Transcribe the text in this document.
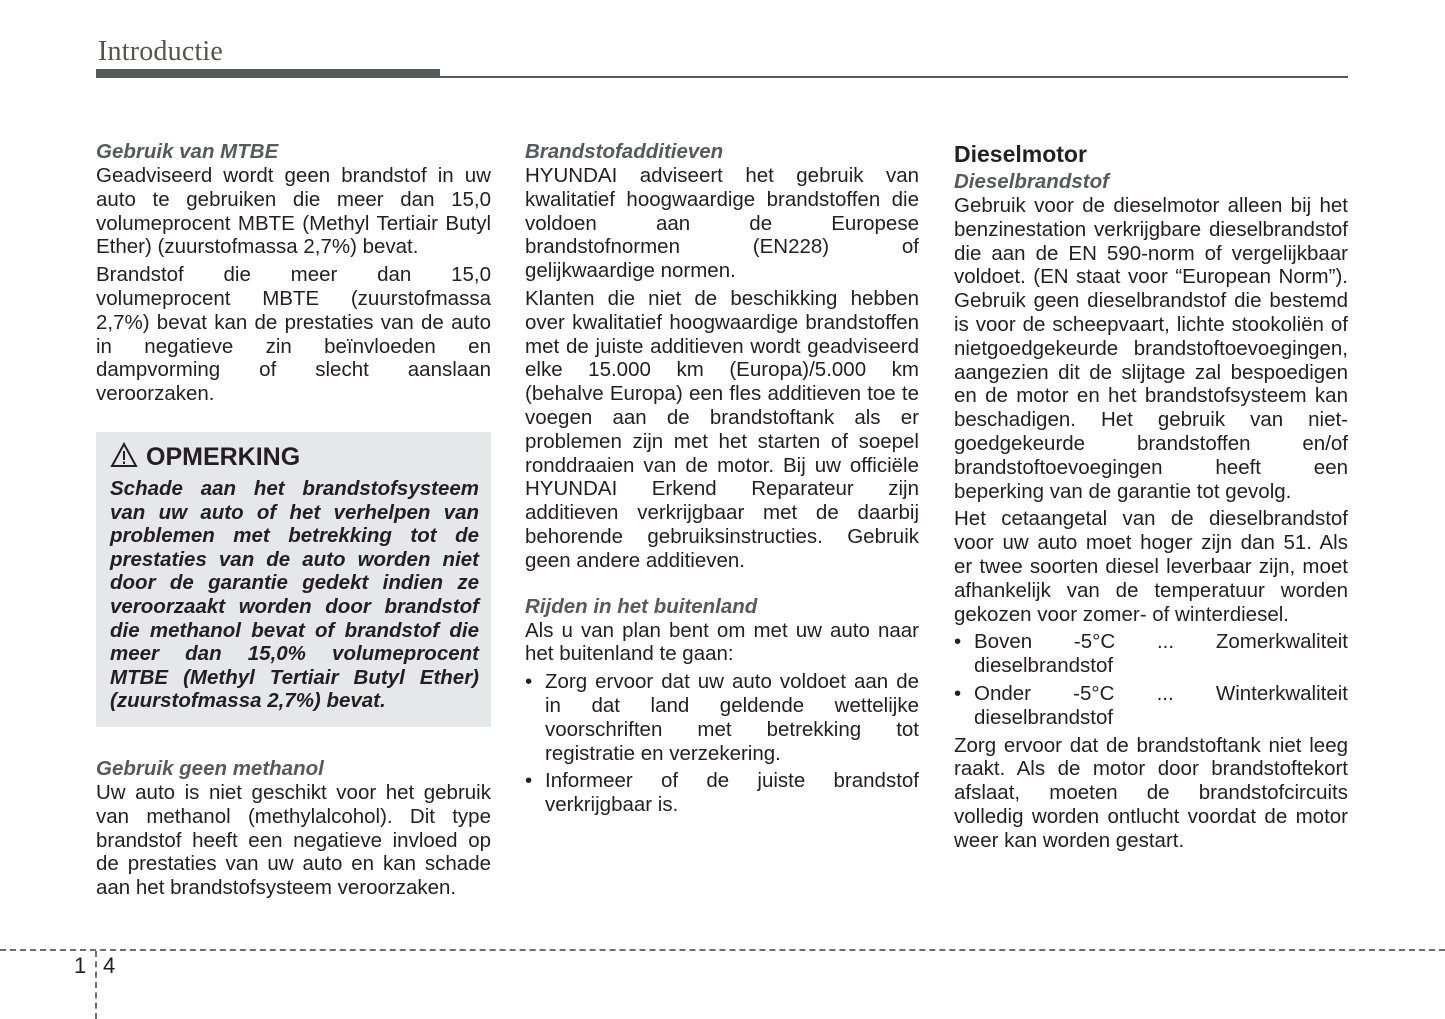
Introductie

Gebruik van MTBE

Geadviseerd wordt geen brandstof in uw auto te gebruiken die meer dan 15,0 volumeprocent MBTE (Methyl Tertiair Butyl Ether) (zuurstofmassa 2,7%) bevat.

Brandstof die meer dan 15,0 volumeprocent MBTE (zuurstofmassa 2,7%) bevat kan de prestaties van de auto in negatieve zin beïnvloeden en dampvorming of slecht aanslaan veroorzaken.

OPMERKING

Schade aan het brandstofsysteem van uw auto of het verhelpen van problemen met betrekking tot de prestaties van de auto worden niet door de garantie gedekt indien ze veroorzaakt worden door brandstof die methanol bevat of brandstof die meer dan 15,0% volumeprocent MTBE (Methyl Tertiair Butyl Ether) (zuurstofmassa 2,7%) bevat.

Gebruik geen methanol

Uw auto is niet geschikt voor het gebruik van methanol (methylalcohol). Dit type brandstof heeft een negatieve invloed op de prestaties van uw auto en kan schade aan het brandstofsysteem veroorzaken.

Brandstofadditieven

HYUNDAI adviseert het gebruik van kwalitatief hoogwaardige brandstoffen die voldoen aan de Europese brandstofnormen (EN228) of gelijkwaardige normen.

Klanten die niet de beschikking hebben over kwalitatief hoogwaardige brandstoffen met de juiste additieven wordt geadviseerd elke 15.000 km (Europa)/5.000 km (behalve Europa) een fles additieven toe te voegen aan de brandstoftank als er problemen zijn met het starten of soepel ronddraaien van de motor. Bij uw officiële HYUNDAI Erkend Reparateur zijn additieven verkrijgbaar met de daarbij behorende gebruiksinstructies. Gebruik geen andere additieven.

Rijden in het buitenland

Als u van plan bent om met uw auto naar het buitenland te gaan:

• Zorg ervoor dat uw auto voldoet aan de in dat land geldende wettelijke voorschriften met betrekking tot registratie en verzekering.
• Informeer of de juiste brandstof verkrijgbaar is.

Dieselmotor

Dieselbrandstof

Gebruik voor de dieselmotor alleen bij het benzinestation verkrijgbare dieselbrandstof die aan de EN 590-norm of vergelijkbaar voldoet. (EN staat voor “European Norm”). Gebruik geen dieselbrandstof die bestemd is voor de scheepvaart, lichte stookoliën of nietgoedgekeurde brandstoftoevoegingen, aangezien dit de slijtage zal bespoedigen en de motor en het brandstofsysteem kan beschadigen. Het gebruik van niet-goedgekeurde brandstoffen en/of brandstoftoevoegingen heeft een beperking van de garantie tot gevolg.

Het cetaangetal van de dieselbrandstof voor uw auto moet hoger zijn dan 51. Als er twee soorten diesel leverbaar zijn, moet afhankelijk van de temperatuur worden gekozen voor zomer- of winterdiesel.

• Boven -5°C ... Zomerkwaliteit dieselbrandstof
• Onder -5°C ... Winterkwaliteit dieselbrandstof

Zorg ervoor dat de brandstoftank niet leeg raakt. Als de motor door brandstoftekort afslaat, moeten de brandstofcircuits volledig worden ontlucht voordat de motor weer kan worden gestart.

1 4
